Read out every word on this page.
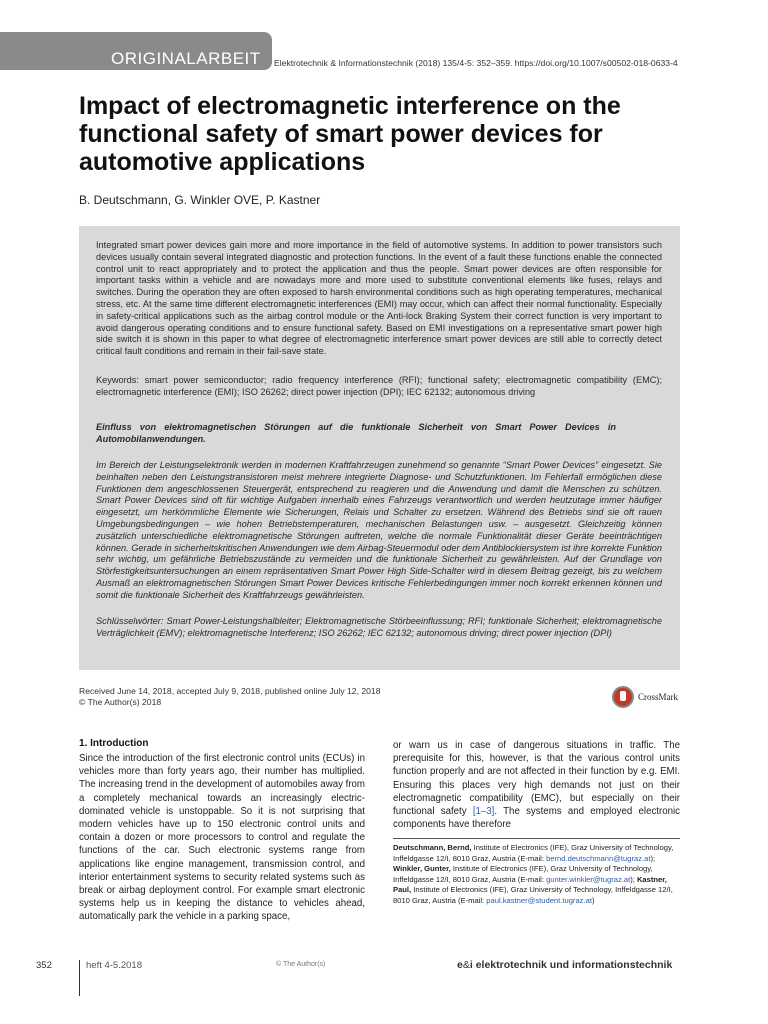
ORIGINALARBEIT Elektrotechnik & Informationstechnik (2018) 135/4-5: 352–359. https://doi.org/10.1007/s00502-018-0633-4
Impact of electromagnetic interference on the functional safety of smart power devices for automotive applications
B. Deutschmann, G. Winkler OVE, P. Kastner

Integrated smart power devices gain more and more importance in the field of automotive systems. In addition to power transistors such devices usually contain several integrated diagnostic and protection functions. In the event of a fault these functions enable the connected control unit to react appropriately and to protect the application and thus the people. Smart power devices are often responsible for important tasks within a vehicle and are nowadays more and more used to substitute conventional elements like fuses, relays and switches. During the operation they are often exposed to harsh environmental conditions such as high operating temperatures, mechanical stress, etc. At the same time different electromagnetic interferences (EMI) may occur, which can affect their normal functionality. Especially in safety-critical applications such as the airbag control module or the Anti-lock Braking System their correct function is very important to avoid dangerous operating conditions and to ensure functional safety. Based on EMI investigations on a representative smart power high side switch it is shown in this paper to what degree of electromagnetic interference smart power devices are still able to correctly detect critical fault conditions and remain in their fail-save state.

Keywords: smart power semiconductor; radio frequency interference (RFI); functional safety; electromagnetic compatibility (EMC); electromagnetic interference (EMI); ISO 26262; direct power injection (DPI); IEC 62132; autonomous driving

Einfluss von elektromagnetischen Störungen auf die funktionale Sicherheit von Smart Power Devices in Automobilanwendungen.

Im Bereich der Leistungselektronik werden in modernen Kraftfahrzeugen zunehmend so genannte “Smart Power Devices” eingesetzt. Sie beinhalten neben den Leistungstransistoren meist mehrere integrierte Diagnose- und Schutzfunktionen. Im Fehlerfall ermöglichen diese Funktionen dem angeschlossenen Steuergerät, entsprechend zu reagieren und die Anwendung und damit die Menschen zu schützen. Smart Power Devices sind oft für wichtige Aufgaben innerhalb eines Fahrzeugs verantwortlich und werden heutzutage immer häufiger eingesetzt, um herkömmliche Elemente wie Sicherungen, Relais und Schalter zu ersetzen. Während des Betriebs sind sie oft rauen Umgebungsbedingungen – wie hohen Betriebstemperaturen, mechanischen Belastungen usw. – ausgesetzt. Gleichzeitig können zusätzlich unterschiedliche elektromagnetische Störungen auftreten, welche die normale Funktionalität dieser Geräte beeinträchtigen können. Gerade in sicherheitskritischen Anwendungen wie dem Airbag-Steuermodul oder dem Antiblockiersystem ist ihre korrekte Funktion sehr wichtig, um gefährliche Betriebszustände zu vermeiden und die funktionale Sicherheit zu gewährleisten. Auf der Grundlage von Störfestigkeitsuntersuchungen an einem repräsentativen Smart Power High Side-Schalter wird in diesem Beitrag gezeigt, bis zu welchem Ausmaß an elektromagnetischen Störungen Smart Power Devices kritische Fehlerbedingungen immer noch korrekt erkennen können und somit die funktionale Sicherheit des Kraftfahrzeugs gewährleisten.

Schlüsselwörter: Smart Power-Leistungshalbleiter; Elektromagnetische Störbeeinflussung; RFI; funktionale Sicherheit; elektromagnetische Verträglichkeit (EMV); elektromagnetische Interferenz; ISO 26262; IEC 62132; autonomous driving; direct power injection (DPI)

Received June 14, 2018, accepted July 9, 2018, published online July 12, 2018
© The Author(s) 2018	CrossMark
1. Introduction

Since the introduction of the first electronic control units (ECUs) in vehicles more than forty years ago, their number has multiplied. The increasing trend in the development of automobiles away from a completely mechanical towards an increasingly electric-dominated vehicle is unstoppable. So it is not surprising that modern vehicles have up to 150 electronic control units and contain a dozen or more processors to control and regulate the functions of the car. Such electronic systems range from applications like engine management, transmission control, and interior entertainment systems to security related systems such as break or airbag deployment control. For example smart electronic systems help us in keeping the distance to vehicles ahead, automatically park the vehicle in a parking space,

or warn us in case of dangerous situations in traffic. The prerequisite for this, however, is that the various control units function properly and are not affected in their function by e.g. EMI. Ensuring this places very high demands not just on their electromagnetic compatibility (EMC), but especially on their functional safety [1–3]. The systems and employed electronic components have therefore

Deutschmann, Bernd, Institute of Electronics (IFE), Graz University of Technology, Inffeldgasse 12/I, 8010 Graz, Austria (E-mail: bernd.deutschmann@tugraz.at); Winkler, Gunter, Institute of Electronics (IFE), Graz University of Technology, Inffeldgasse 12/I, 8010 Graz, Austria (E-mail: gunter.winkler@tugraz.at); Kastner, Paul, Institute of Electronics (IFE), Graz University of Technology, Inffeldgasse 12/I, 8010 Graz, Austria (E-mail: paul.kastner@student.tugraz.at)

352	heft 4-5.2018	© The Author(s)	e&i elektrotechnik und informationstechnik
